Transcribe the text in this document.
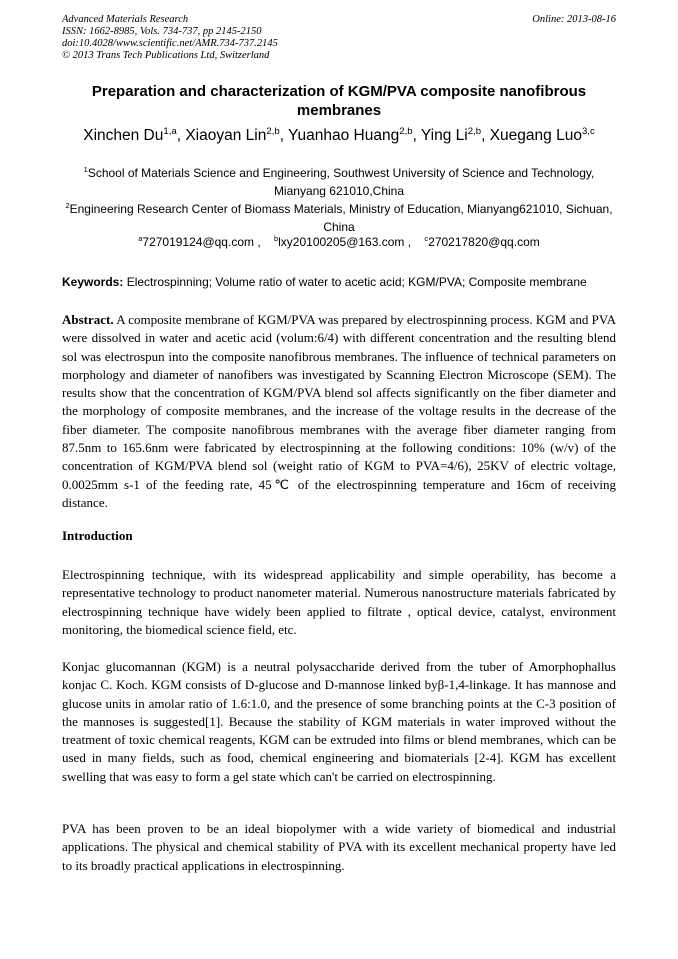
Advanced Materials Research
ISSN: 1662-8985, Vols. 734-737, pp 2145-2150
doi:10.4028/www.scientific.net/AMR.734-737.2145
© 2013 Trans Tech Publications Ltd, Switzerland
Online: 2013-08-16
Preparation and characterization of KGM/PVA composite nanofibrous membranes
Xinchen Du$^{1,a}$, Xiaoyan Lin$^{2,b}$, Yuanhao Huang$^{2,b}$, Ying Li$^{2,b}$, Xuegang Luo$^{3,c}$
$^1$School of Materials Science and Engineering, Southwest University of Science and Technology, Mianyang 621010,China
$^2$Engineering Research Center of Biomass Materials, Ministry of Education, Mianyang621010, Sichuan, China
$^a$727019124@qq.com , $^b$lxy20100205@163.com , $^c$270217820@qq.com
Keywords: Electrospinning; Volume ratio of water to acetic acid; KGM/PVA; Composite membrane
Abstract. A composite membrane of KGM/PVA was prepared by electrospinning process. KGM and PVA were dissolved in water and acetic acid (volum:6/4) with different concentration and the resulting blend sol was electrospun into the composite nanofibrous membranes. The influence of technical parameters on morphology and diameter of nanofibers was investigated by Scanning Electron Microscope (SEM). The results show that the concentration of KGM/PVA blend sol affects significantly on the fiber diameter and the morphology of composite membranes, and the increase of the voltage results in the decrease of the fiber diameter. The composite nanofibrous membranes with the average fiber diameter ranging from 87.5nm to 165.6nm were fabricated by electrospinning at the following conditions: 10% (w/v) of the concentration of KGM/PVA blend sol (weight ratio of KGM to PVA=4/6), 25KV of electric voltage, 0.0025mm s-1 of the feeding rate, 45℃ of the electrospinning temperature and 16cm of receiving distance.
Introduction
Electrospinning technique, with its widespread applicability and simple operability, has become a representative technology to product nanometer material. Numerous nanostructure materials fabricated by electrospinning technique have widely been applied to filtrate , optical device, catalyst, environment monitoring, the biomedical science field, etc.
Konjac glucomannan (KGM) is a neutral polysaccharide derived from the tuber of Amorphophallus konjac C. Koch. KGM consists of D-glucose and D-mannose linked byβ-1,4-linkage. It has mannose and glucose units in amolar ratio of 1.6:1.0, and the presence of some branching points at the C-3 position of the mannoses is suggested[1]. Because the stability of KGM materials in water improved without the treatment of toxic chemical reagents, KGM can be extruded into films or blend membranes, which can be used in many fields, such as food, chemical engineering and biomaterials [2-4]. KGM has excellent swelling that was easy to form a gel state which can't be carried on electrospinning.
PVA has been proven to be an ideal biopolymer with a wide variety of biomedical and industrial applications. The physical and chemical stability of PVA with its excellent mechanical property have led to its broadly practical applications in electrospinning.
